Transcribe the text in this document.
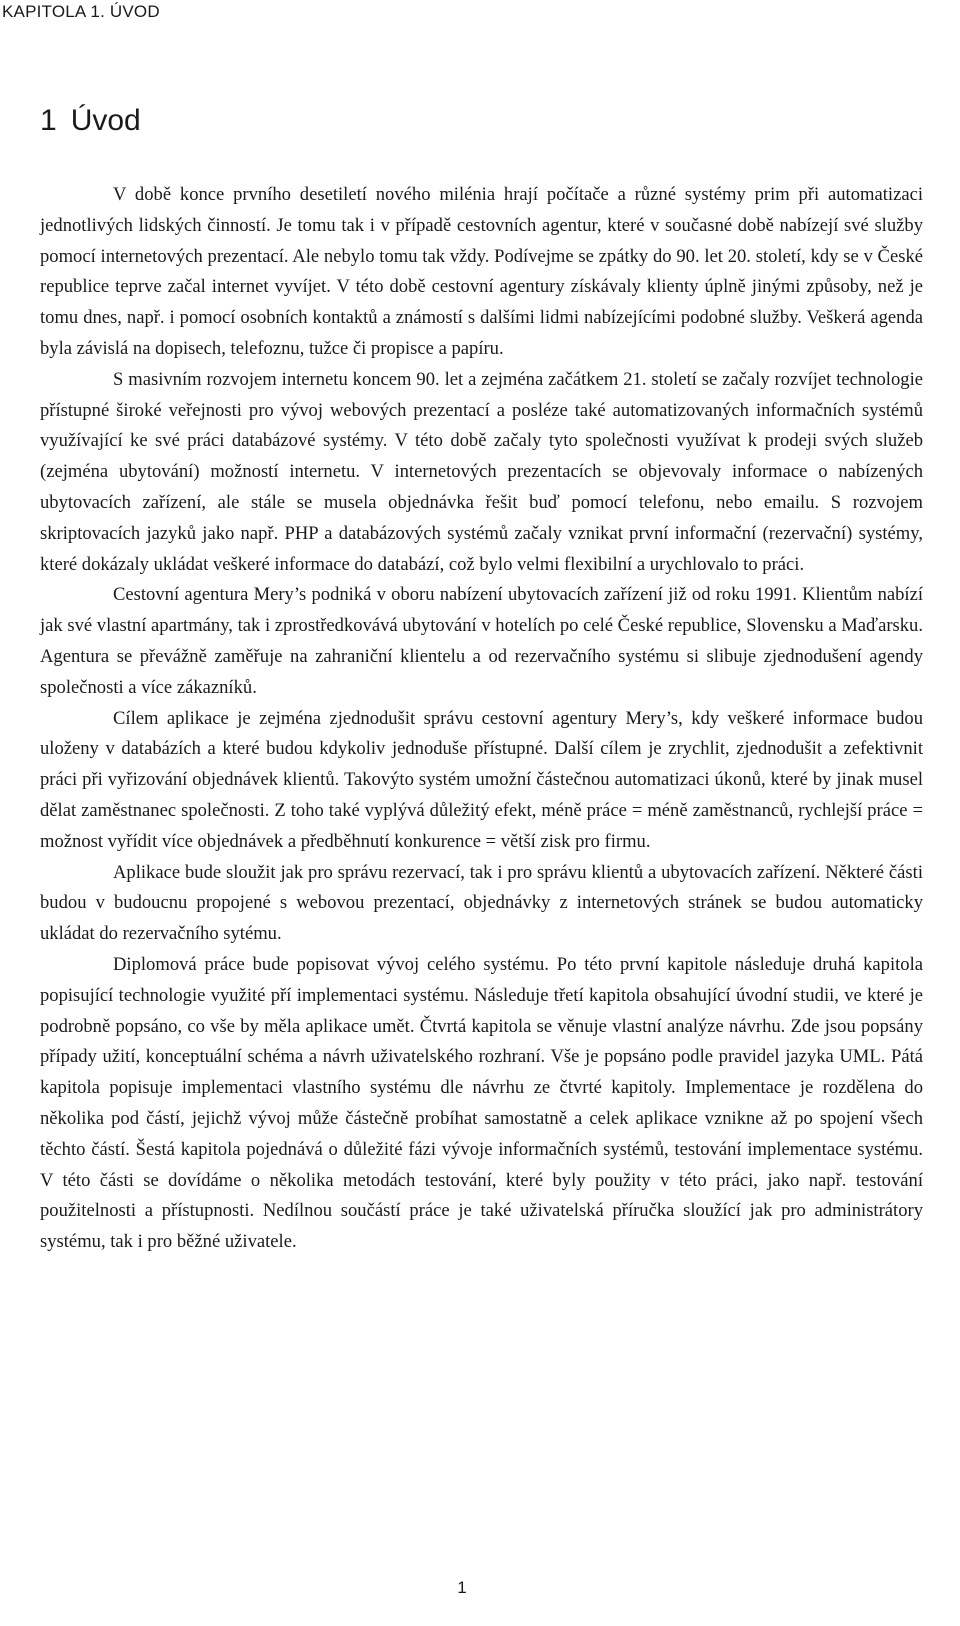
KAPITOLA 1. ÚVOD
1 Úvod

V době konce prvního desetiletí nového milénia hrají počítače a různé systémy prim při automatizaci jednotlivých lidských činností. Je tomu tak i v případě cestovních agentur, které v současné době nabízejí své služby pomocí internetových prezentací. Ale nebylo tomu tak vždy. Podívejme se zpátky do 90. let 20. století, kdy se v České republice teprve začal internet vyvíjet. V této době cestovní agentury získávaly klienty úplně jinými způsoby, než je tomu dnes, např. i pomocí osobních kontaktů a známostí s dalšími lidmi nabízejícími podobné služby. Veškerá agenda byla závislá na dopisech, telefoznu, tužce či propisce a papíru.

S masivním rozvojem internetu koncem 90. let a zejména začátkem 21. století se začaly rozvíjet technologie přístupné široké veřejnosti pro vývoj webových prezentací a posléze také automatizovaných informačních systémů využívající ke své práci databázové systémy. V této době začaly tyto společnosti využívat k prodeji svých služeb (zejména ubytování) možností internetu. V internetových prezentacích se objevovaly informace o nabízených ubytovacích zařízení, ale stále se musela objednávka řešit buď pomocí telefonu, nebo emailu. S rozvojem skriptovacích jazyků jako např. PHP a databázových systémů začaly vznikat první informační (rezervační) systémy, které dokázaly ukládat veškeré informace do databází, což bylo velmi flexibilní a urychlovalo to práci.

Cestovní agentura Mery’s podniká v oboru nabízení ubytovacích zařízení již od roku 1991. Klientům nabízí jak své vlastní apartmány, tak i zprostředkovává ubytování v hotelích po celé České republice, Slovensku a Maďarsku. Agentura se převážně zaměřuje na zahraniční klientelu a od rezervačního systému si slibuje zjednodušení agendy společnosti a více zákazníků.

Cílem aplikace je zejména zjednodušit správu cestovní agentury Mery’s, kdy veškeré informace budou uloženy v databázích a které budou kdykoliv jednoduše přístupné. Další cílem je zrychlit, zjednodušit a zefektivnit práci při vyřizování objednávek klientů. Takovýto systém umožní částečnou automatizaci úkonů, které by jinak musel dělat zaměstnanec společnosti. Z toho také vyplývá důležitý efekt, méně práce = méně zaměstnanců, rychlejší práce = možnost vyřídit více objednávek a předběhnutí konkurence = větší zisk pro firmu.

Aplikace bude sloužit jak pro správu rezervací, tak i pro správu klientů a ubytovacích zařízení. Některé části budou v budoucnu propojené s webovou prezentací, objednávky z internetových stránek se budou automaticky ukládat do rezervačního sytému.

Diplomová práce bude popisovat vývoj celého systému. Po této první kapitole následuje druhá kapitola popisující technologie využité pří implementaci systému. Následuje třetí kapitola obsahující úvodní studii, ve které je podrobně popsáno, co vše by měla aplikace umět. Čtvrtá kapitola se věnuje vlastní analýze návrhu. Zde jsou popsány případy užití, konceptuální schéma a návrh uživatelského rozhraní. Vše je popsáno podle pravidel jazyka UML. Pátá kapitola popisuje implementaci vlastního systému dle návrhu ze čtvrté kapitoly. Implementace je rozdělena do několika pod částí, jejichž vývoj může částečně probíhat samostatně a celek aplikace vznikne až po spojení všech těchto částí. Šestá kapitola pojednává o důležité fázi vývoje informačních systémů, testování implementace systému. V této části se dovídáme o několika metodách testování, které byly použity v této práci, jako např. testování použitelnosti a přístupnosti. Nedílnou součástí práce je také uživatelská příručka sloužící jak pro administrátory systému, tak i pro běžné uživatele.

1
